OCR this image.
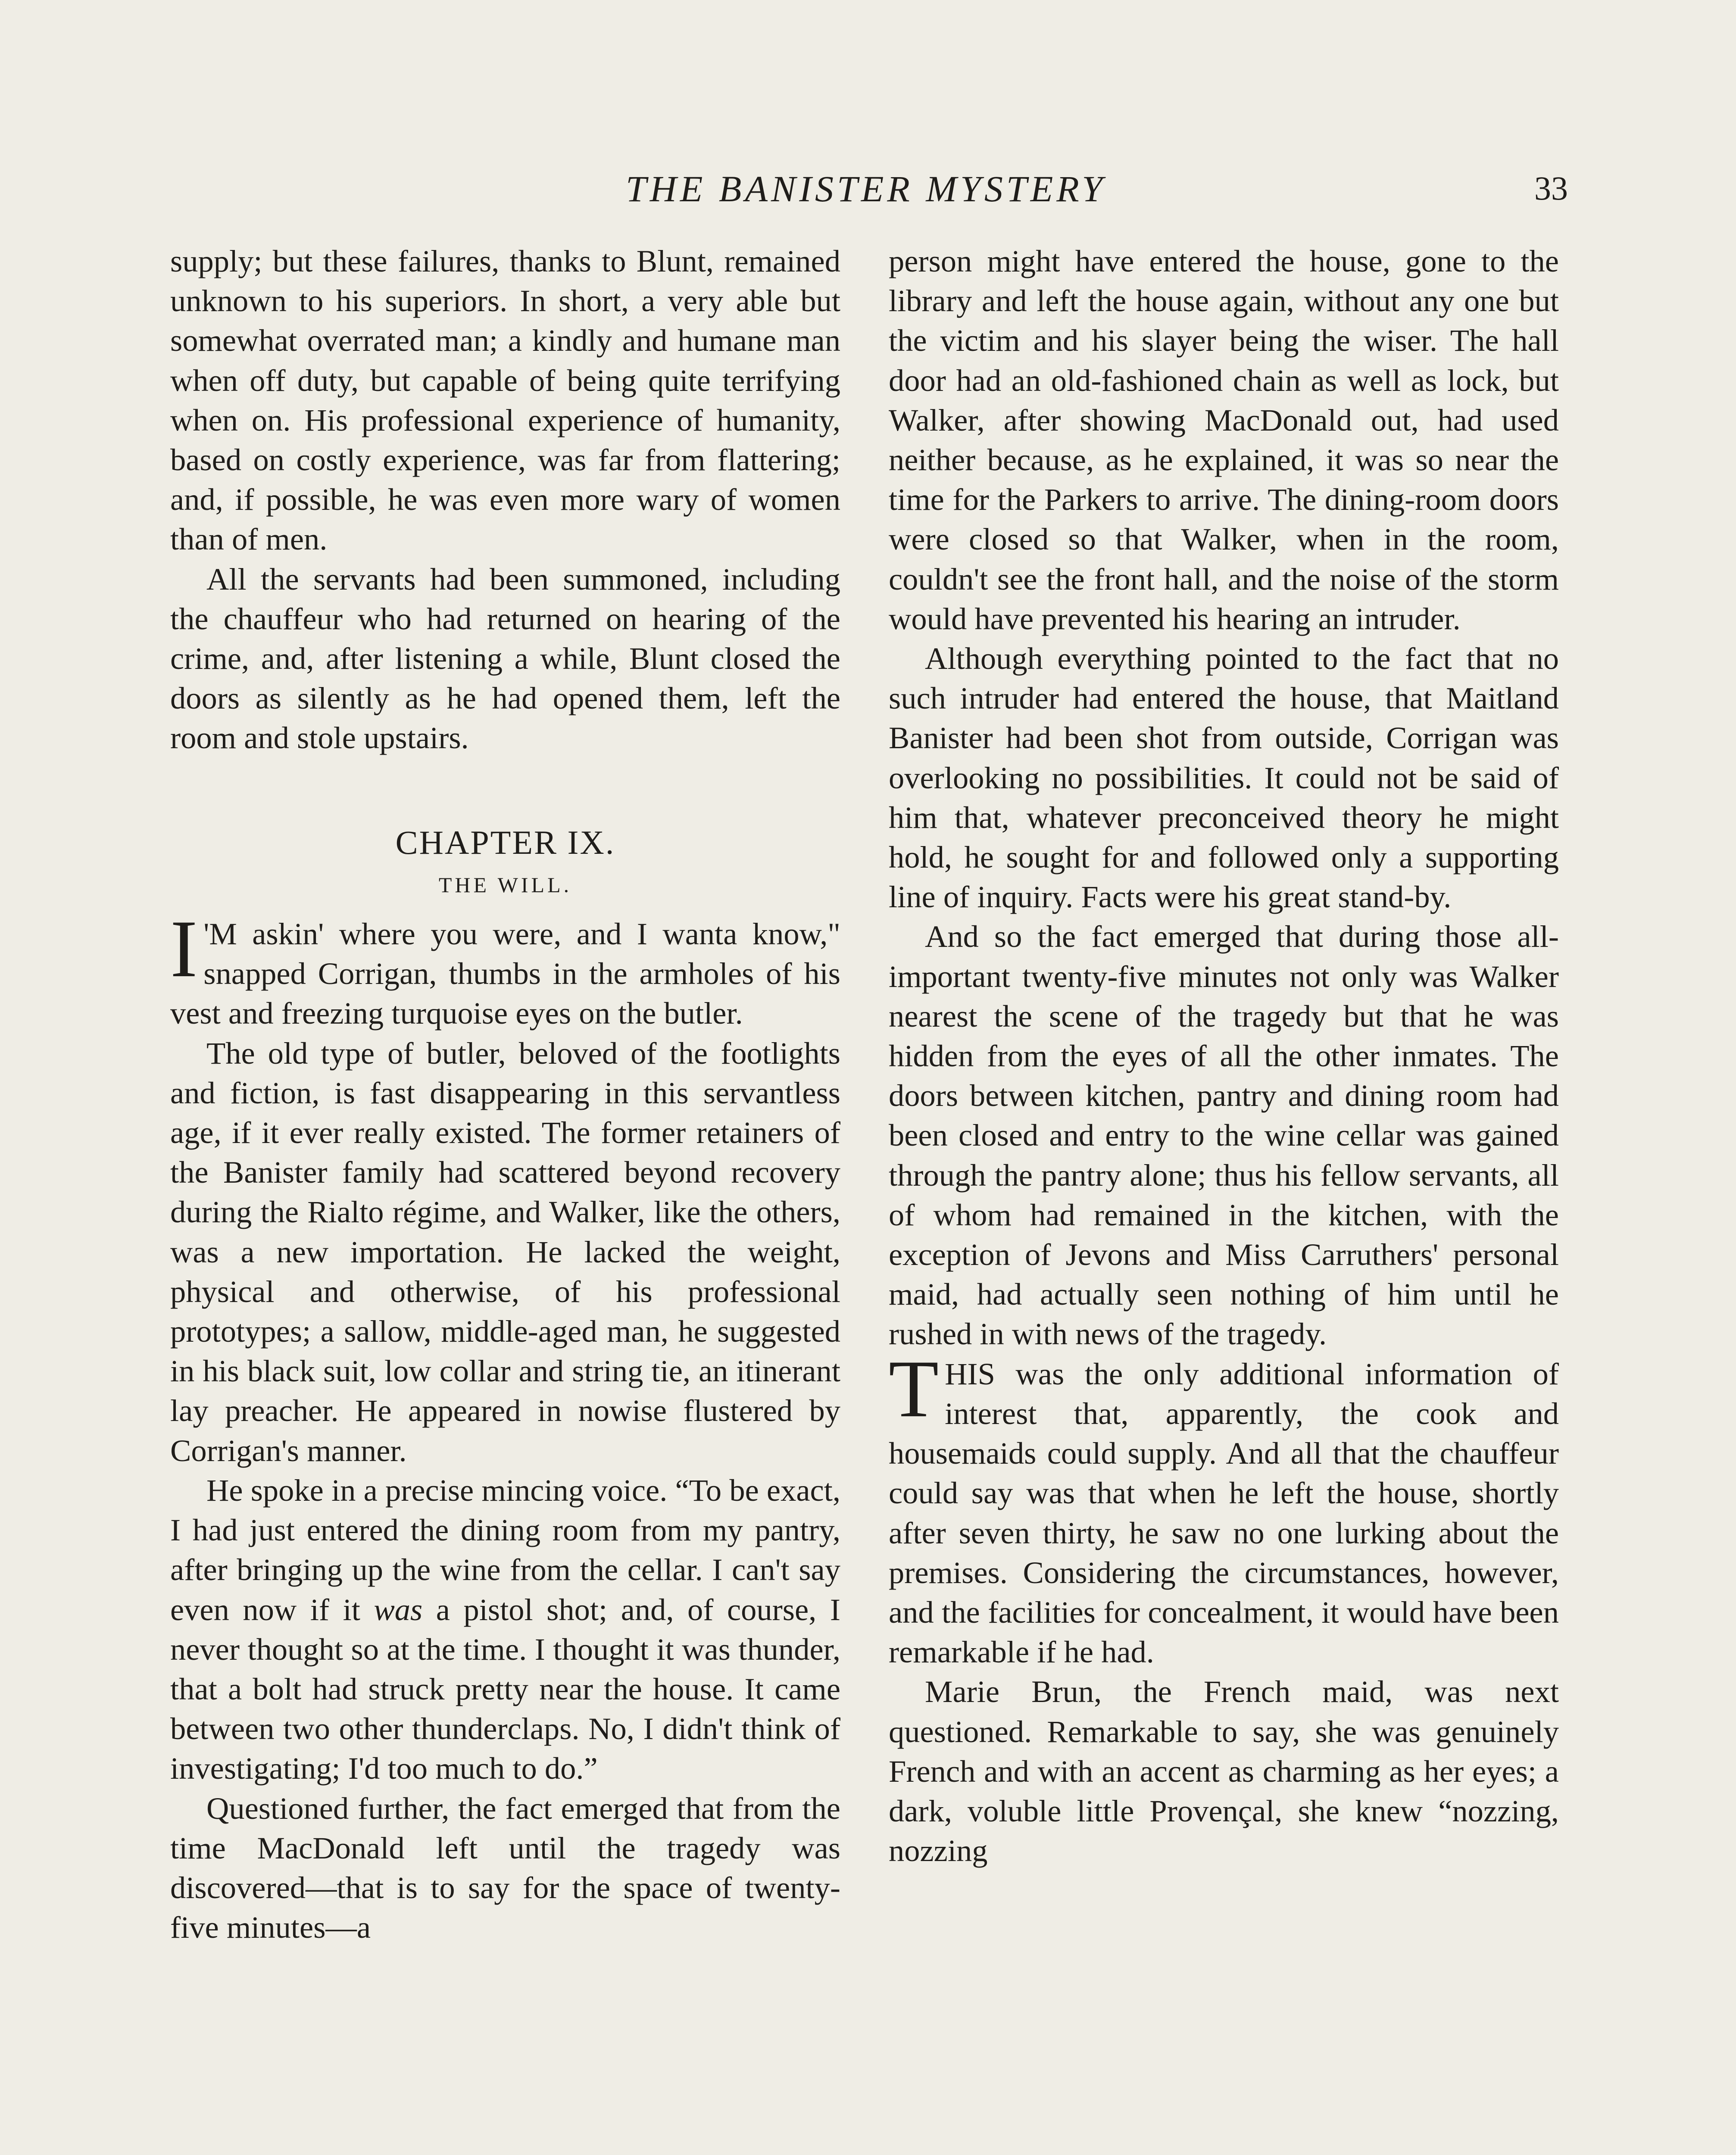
THE BANISTER MYSTERY	33

supply; but these failures, thanks to Blunt, remained unknown to his superiors. In short, a very able but somewhat overrated man; a kindly and humane man when off duty, but capable of being quite terrifying when on. His professional experience of humanity, based on costly experience, was far from flattering; and, if possible, he was even more wary of women than of men.

All the servants had been summoned, including the chauffeur who had returned on hearing of the crime, and, after listening a while, Blunt closed the doors as silently as he had opened them, left the room and stole upstairs.

CHAPTER IX.
THE WILL.

I 'M askin' where you were, and I wanta know," snapped Corrigan, thumbs in the armholes of his vest and freezing turquoise eyes on the butler.

The old type of butler, beloved of the footlights and fiction, is fast disappearing in this servantless age, if it ever really existed. The former retainers of the Banister family had scattered beyond recovery during the Rialto régime, and Walker, like the others, was a new importation. He lacked the weight, physical and otherwise, of his professional prototypes; a sallow, middle-aged man, he suggested in his black suit, low collar and string tie, an itinerant lay preacher. He appeared in nowise flustered by Corrigan's manner.

He spoke in a precise mincing voice. “To be exact, I had just entered the dining room from my pantry, after bringing up the wine from the cellar. I can't say even now if it was a pistol shot; and, of course, I never thought so at the time. I thought it was thunder, that a bolt had struck pretty near the house. It came between two other thunderclaps. No, I didn't think of investigating; I'd too much to do.”

Questioned further, the fact emerged that from the time MacDonald left until the tragedy was discovered—that is to say for the space of twenty-five minutes—a

person might have entered the house, gone to the library and left the house again, without any one but the victim and his slayer being the wiser. The hall door had an old-fashioned chain as well as lock, but Walker, after showing MacDonald out, had used neither because, as he explained, it was so near the time for the Parkers to arrive. The dining-room doors were closed so that Walker, when in the room, couldn't see the front hall, and the noise of the storm would have prevented his hearing an intruder.

Although everything pointed to the fact that no such intruder had entered the house, that Maitland Banister had been shot from outside, Corrigan was overlooking no possibilities. It could not be said of him that, whatever preconceived theory he might hold, he sought for and followed only a supporting line of inquiry. Facts were his great stand-by.

And so the fact emerged that during those all-important twenty-five minutes not only was Walker nearest the scene of the tragedy but that he was hidden from the eyes of all the other inmates. The doors between kitchen, pantry and dining room had been closed and entry to the wine cellar was gained through the pantry alone; thus his fellow servants, all of whom had remained in the kitchen, with the exception of Jevons and Miss Carruthers' personal maid, had actually seen nothing of him until he rushed in with news of the tragedy.

THIS was the only additional information of interest that, apparently, the cook and housemaids could supply. And all that the chauffeur could say was that when he left the house, shortly after seven thirty, he saw no one lurking about the premises. Considering the circumstances, however, and the facilities for concealment, it would have been remarkable if he had.

Marie Brun, the French maid, was next questioned. Remarkable to say, she was genuinely French and with an accent as charming as her eyes; a dark, voluble little Provençal, she knew “nozzing, nozzing
